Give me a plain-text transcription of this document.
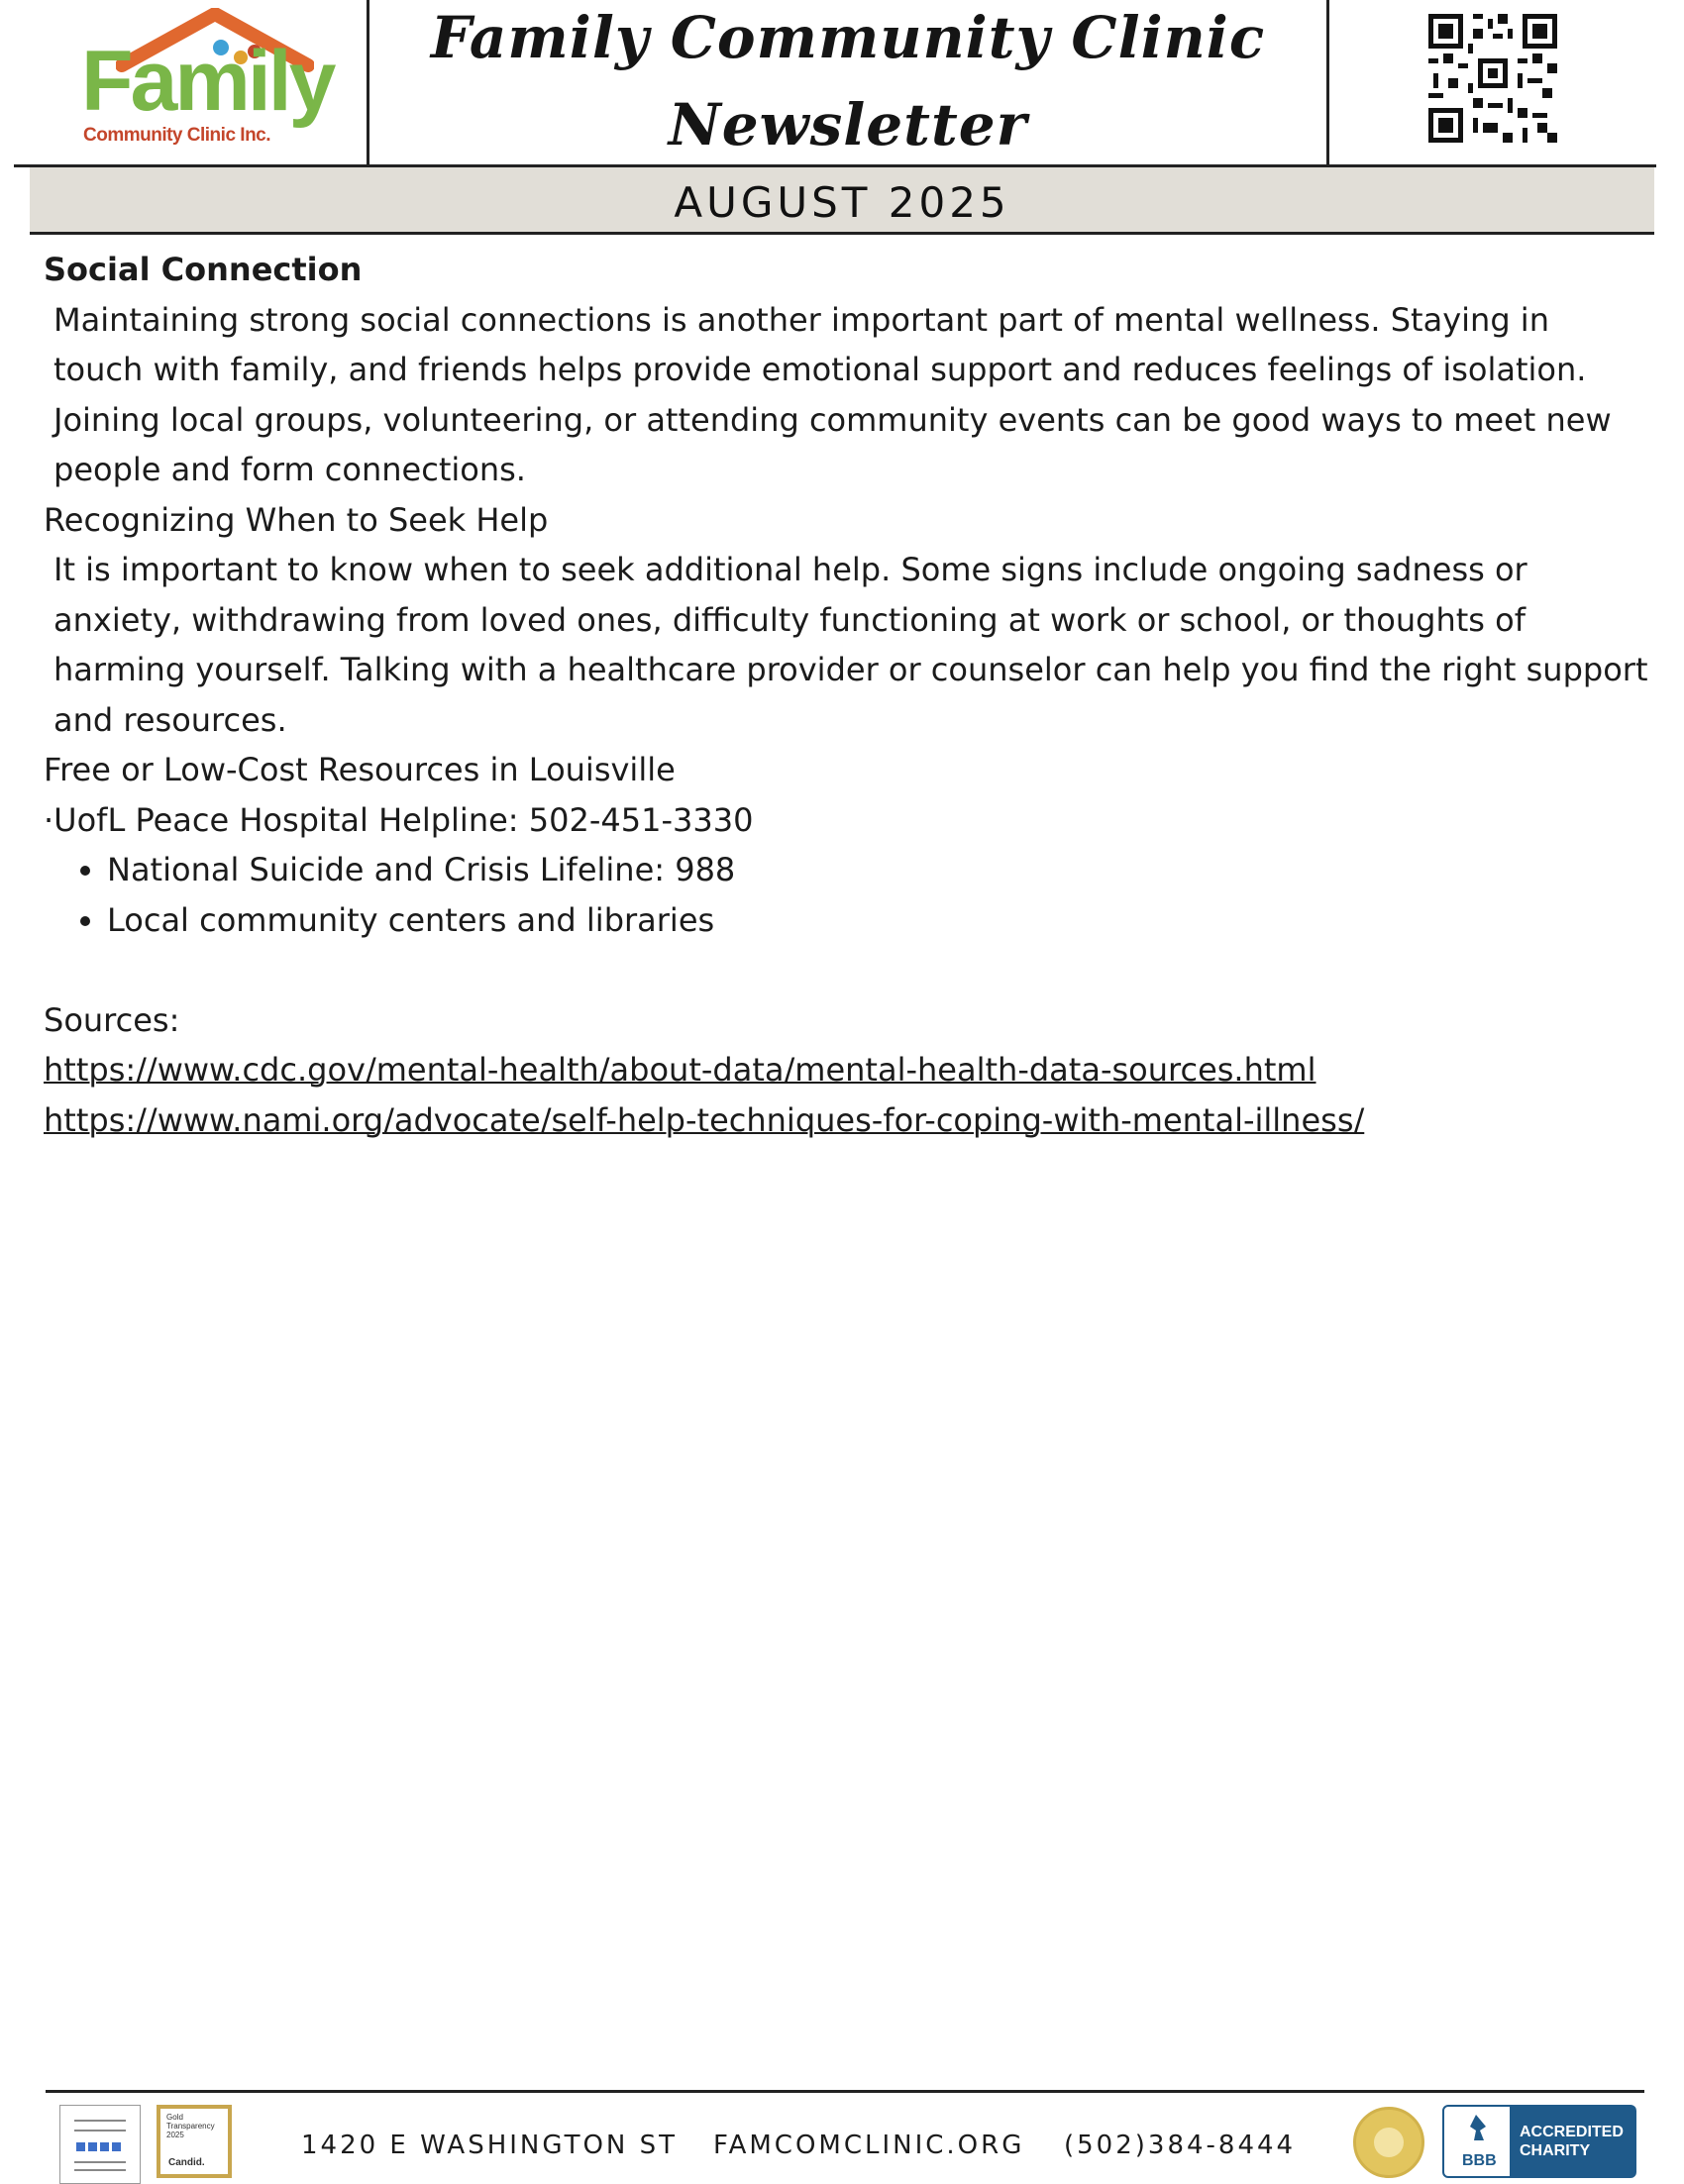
Family
Community Clinic Inc.
Family Community Clinic
Newsletter
AUGUST 2025

Social Connection

Maintaining strong social connections is another important part of mental wellness. Staying in touch with family, and friends helps provide emotional support and reduces feelings of isolation. Joining local groups, volunteering, or attending community events can be good ways to meet new people and form connections.

Recognizing When to Seek Help

It is important to know when to seek additional help. Some signs include ongoing sadness or anxiety, withdrawing from loved ones, difficulty functioning at work or school, or thoughts of harming yourself. Talking with a healthcare provider or counselor can help you find the right support and resources.

Free or Low-Cost Resources in Louisville

·UofL Peace Hospital Helpline: 502-451-3330

• National Suicide and Crisis Lifeline: 988
• Local community centers and libraries

Sources:

https://www.cdc.gov/mental-health/about-data/mental-health-data-sources.html

https://www.nami.org/advocate/self-help-techniques-for-coping-with-mental-illness/

Gold
Transparency
2025
Candid.
1420 E WASHINGTON ST FAMCOMCLINIC.ORG (502)384-8444
BBB
ACCREDITED
CHARITY
